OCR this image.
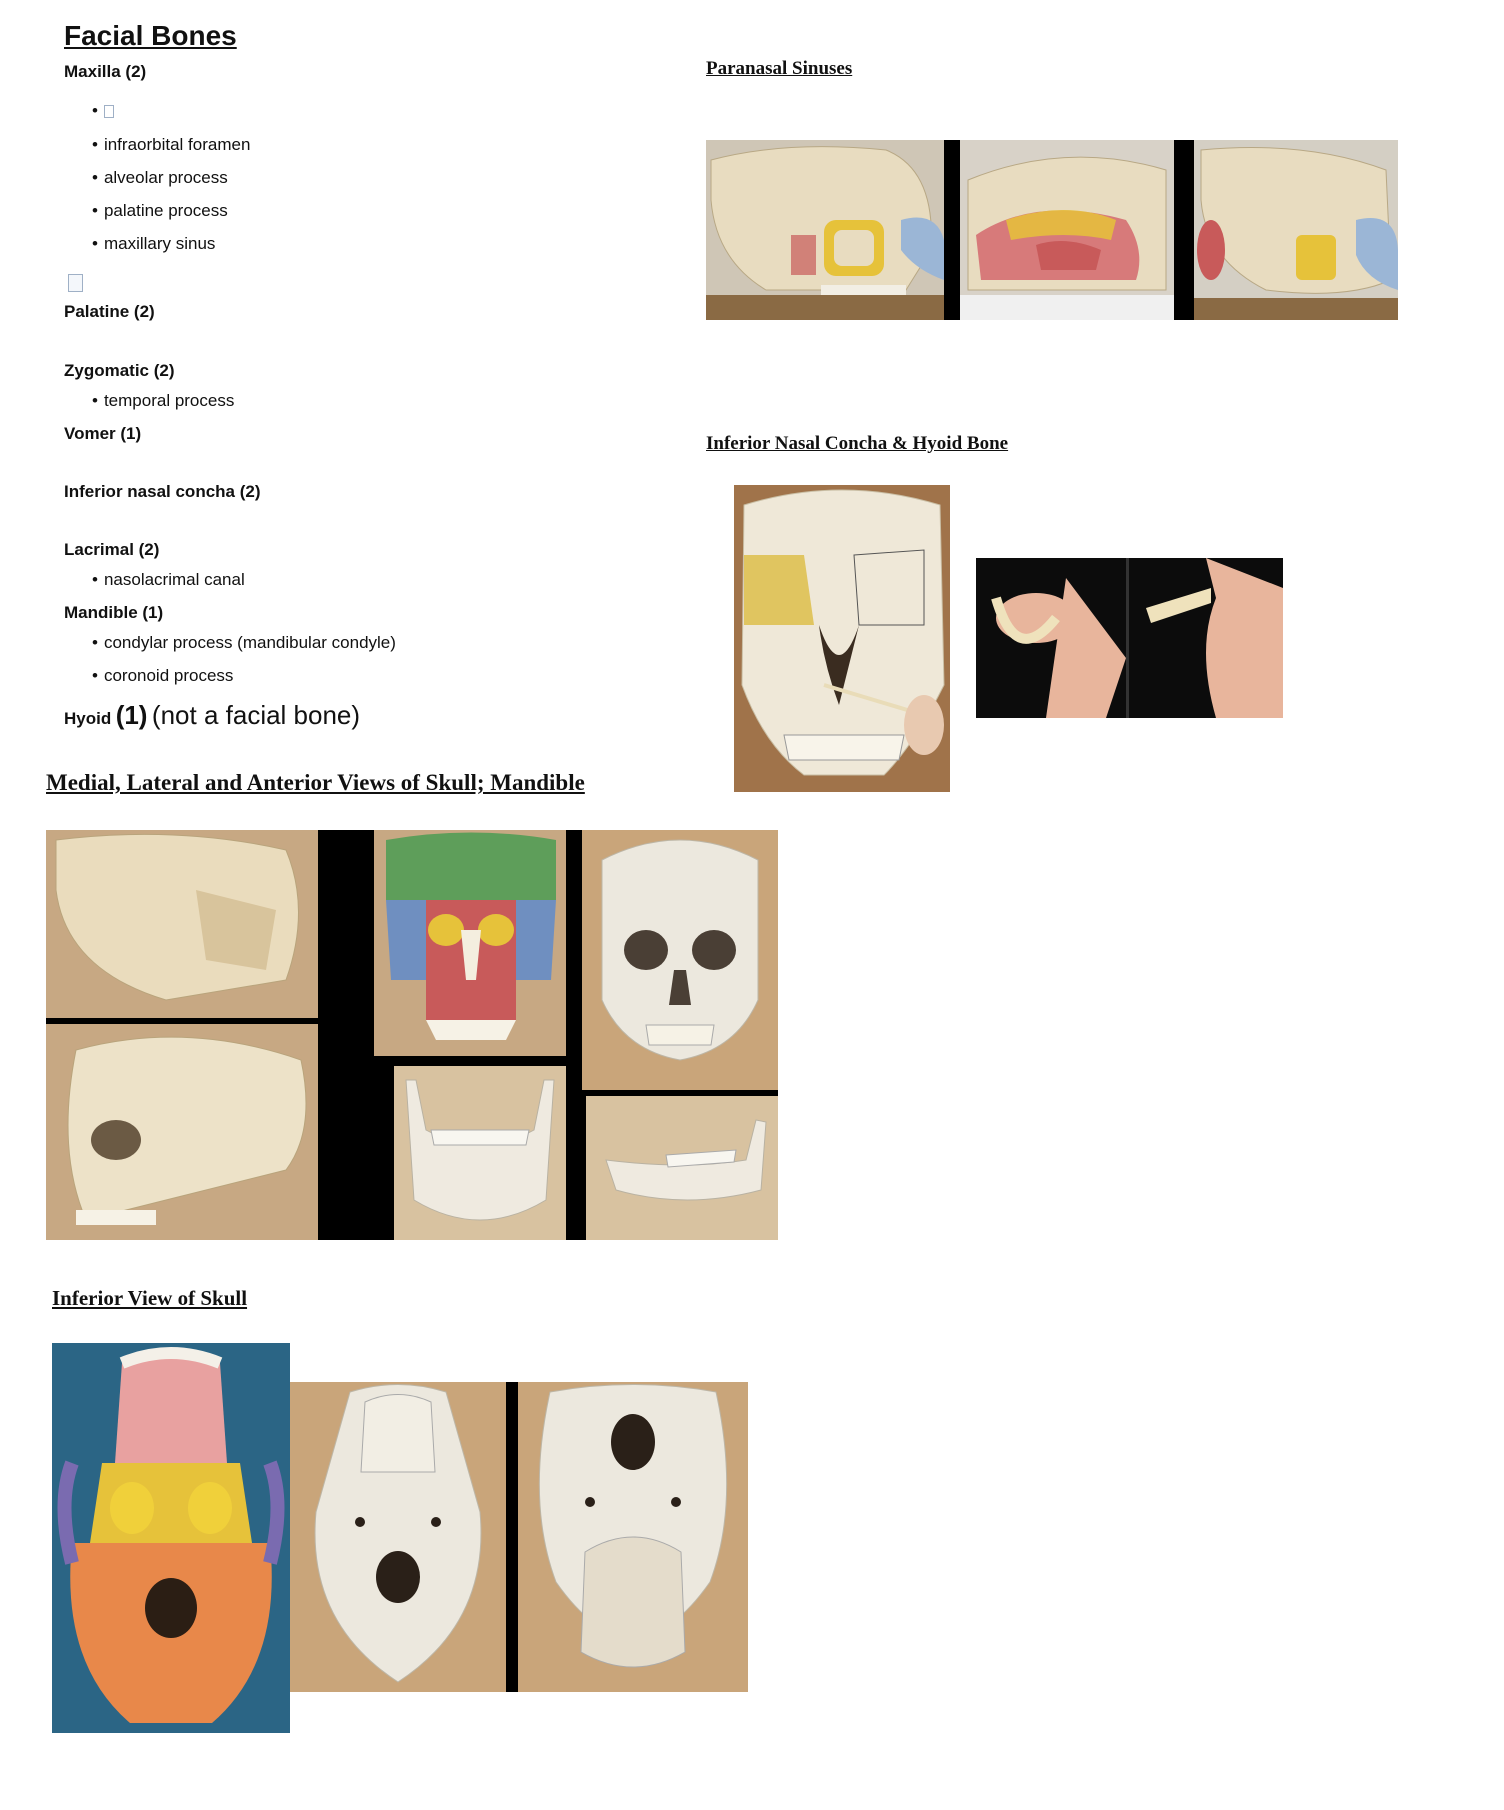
Facial Bones
Maxilla (2)
•
• infraorbital foramen
• alveolar process
• palatine process
• maxillary sinus
Palatine (2)
Zygomatic (2)
• temporal process
Vomer (1)
Inferior nasal concha (2)
Lacrimal (2)
• nasolacrimal canal
Mandible (1)
• condylar process (mandibular condyle)
• coronoid process
Hyoid (1) (not a facial bone)
Paranasal Sinuses
Inferior Nasal Concha & Hyoid Bone
Medial, Lateral and Anterior Views of Skull; Mandible
Inferior View of Skull
